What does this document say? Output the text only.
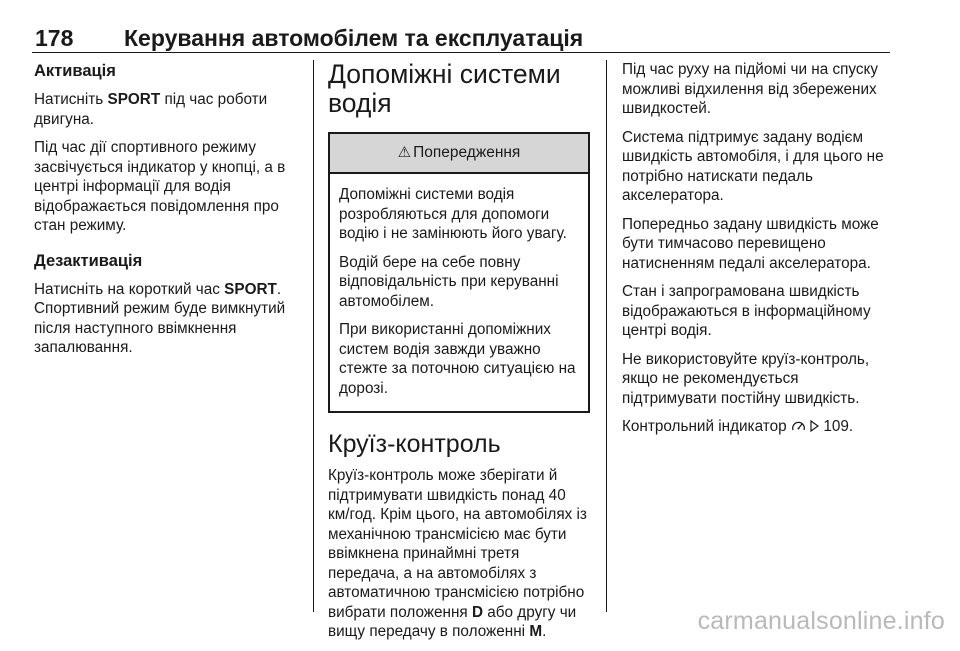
178 Керування автомобілем та експлуатація
Активація

Натисніть SPORT під час роботи двигуна.

Під час дії спортивного режиму засвічується індикатор у кнопці, а в центрі інформації для водія відображається повідомлення про стан режиму.

Дезактивація

Натисніть на короткий час SPORT. Спортивний режим буде вимкнутий після наступного ввімкнення запалювання.

Допоміжні системи водія
⚠ Попередження

Допоміжні системи водія розробляються для допомоги водію і не замінюють його увагу.

Водій бере на себе повну відповідальність при керуванні автомобілем.

При використанні допоміжних систем водія завжди уважно стежте за поточною ситуацією на дорозі.

Круїз-контроль

Круїз-контроль може зберігати й підтримувати швидкість понад 40 км/год. Крім цього, на автомобілях із механічною трансмісією має бути ввімкнена принаймні третя передача, а на автомобілях з автоматичною трансмісією потрібно вибрати положення D або другу чи вищу передачу в положенні M.

Під час руху на підйомі чи на спуску можливі відхилення від збережених швидкостей.

Система підтримує задану водієм швидкість автомобіля, і для цього не потрібно натискати педаль акселератора.

Попередньо задану швидкість може бути тимчасово перевищено натисненням педалі акселератора.

Стан і запрограмована швидкість відображаються в інформаційному центрі водія.

Не використовуйте круїз-контроль, якщо не рекомендується підтримувати постійну швидкість.

Контрольний індикатор   109.

carmanualsonline.info
